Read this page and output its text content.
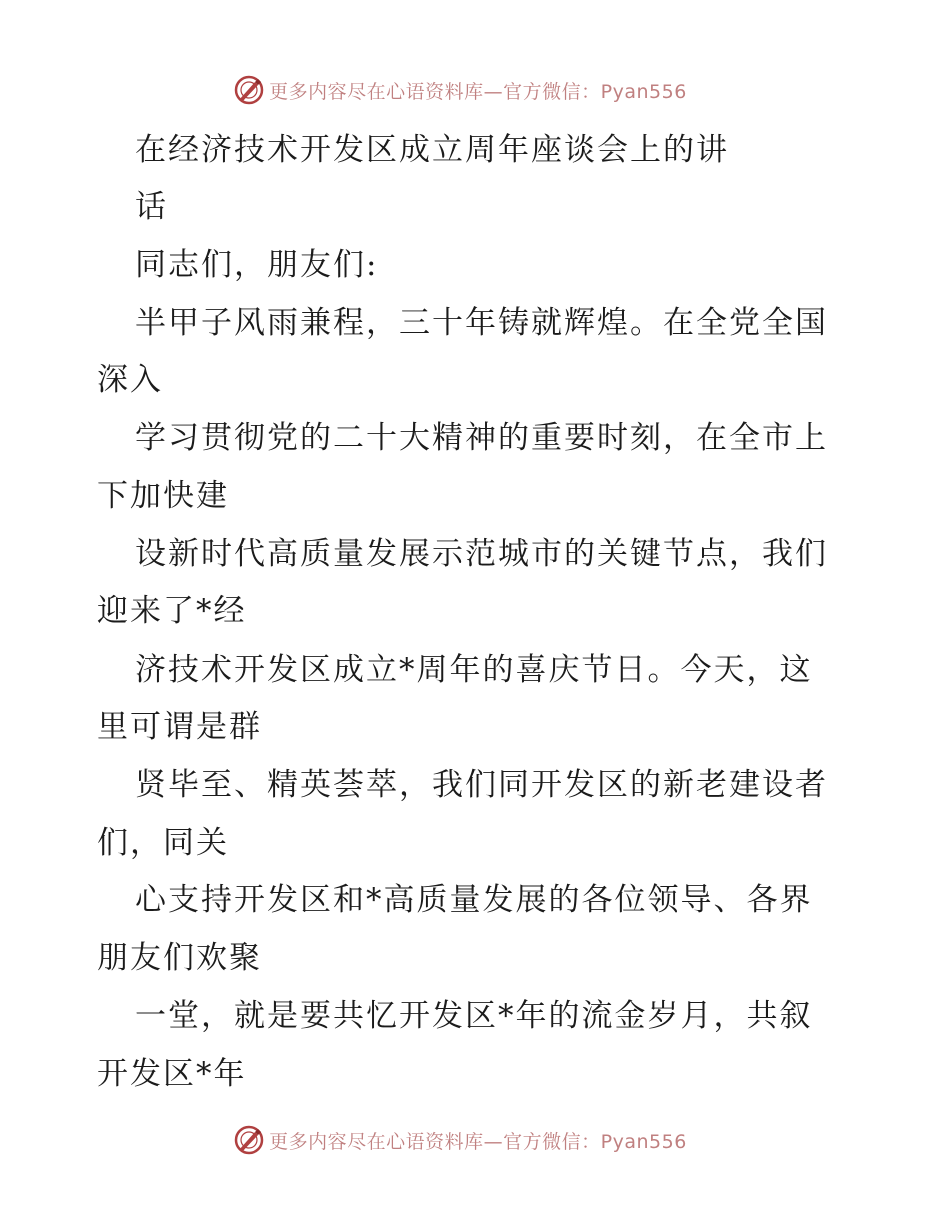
更多内容尽在心语资料库—官方微信：Pyan556
在经济技术开发区成立周年座谈会上的讲
话
同志们，朋友们:
半甲子风雨兼程，三十年铸就辉煌。在全党全国
深入
学习贯彻党的二十大精神的重要时刻，在全市上
下加快建
设新时代高质量发展示范城市的关键节点，我们
迎来了*经
济技术开发区成立*周年的喜庆节日。今天，这
里可谓是群
贤毕至、精英荟萃，我们同开发区的新老建设者
们，同关
心支持开发区和*高质量发展的各位领导、各界
朋友们欢聚
一堂，就是要共忆开发区*年的流金岁月，共叙
开发区*年
更多内容尽在心语资料库—官方微信：Pyan556
